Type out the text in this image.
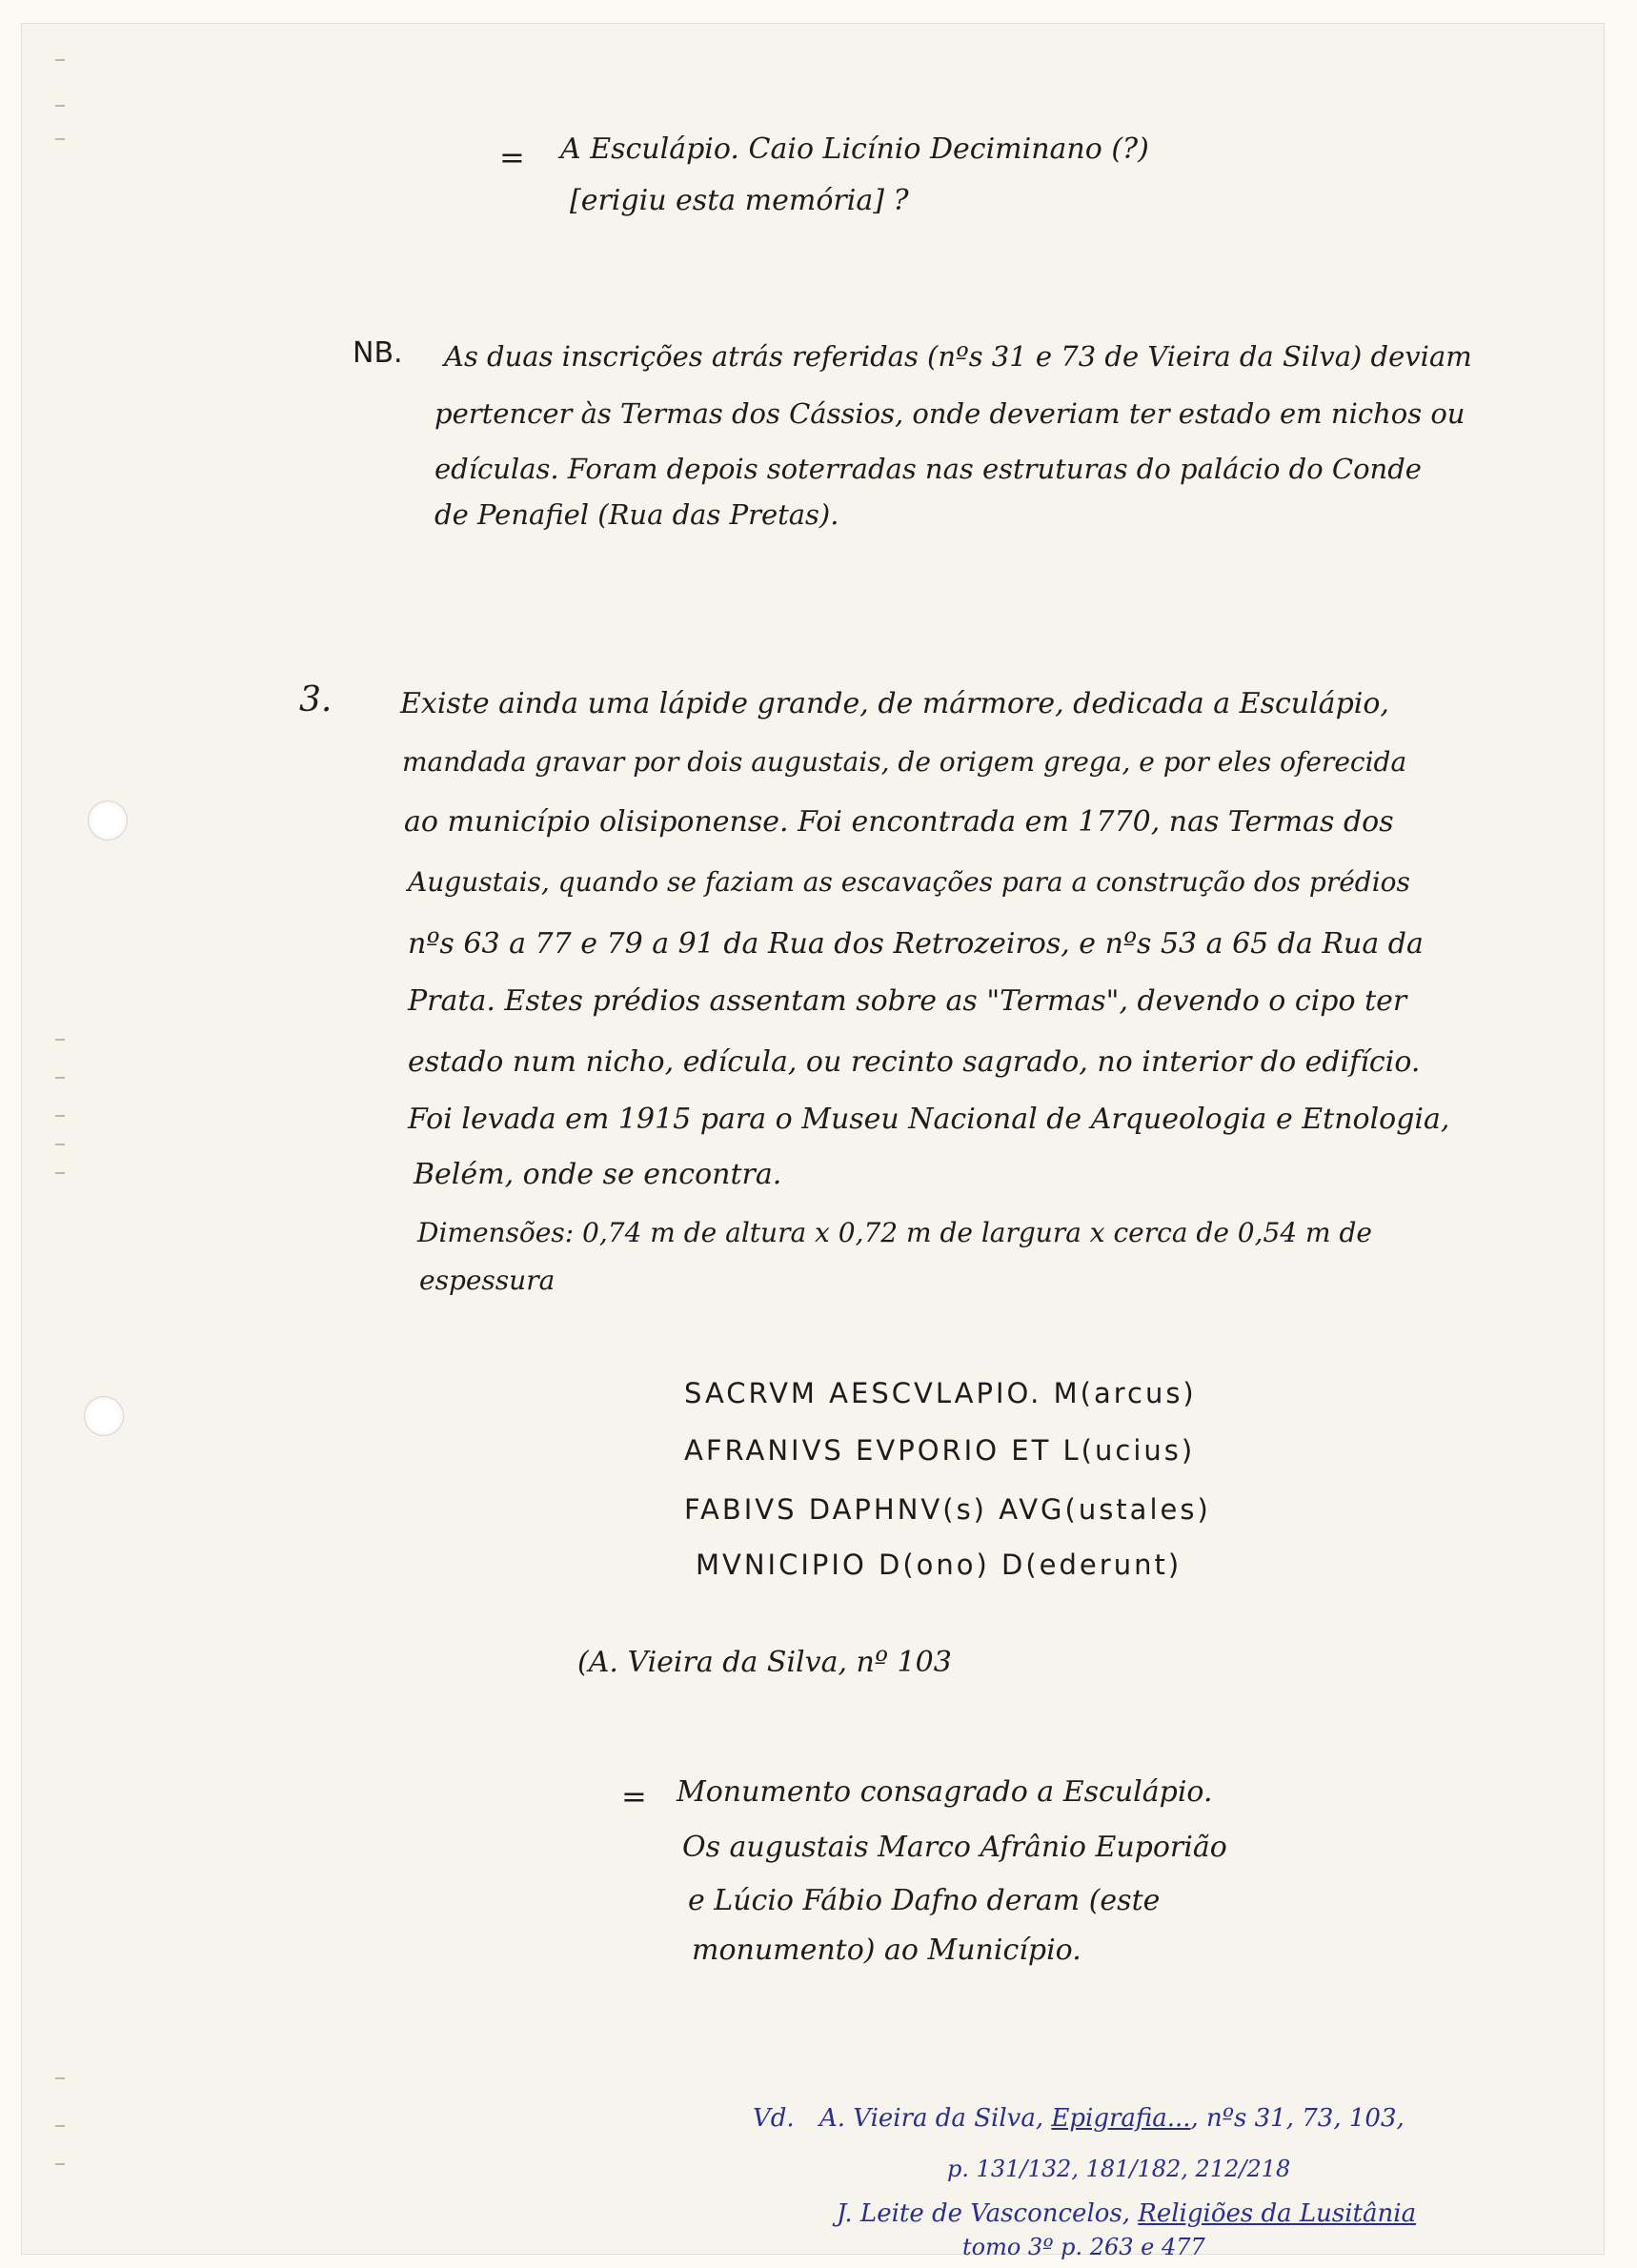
= A Esculápio. Caio Licínio Deciminano (?)
[erigiu esta memória] ?
NB. As duas inscrições atrás referidas (nºs 31 e 73 de Vieira da Silva) deviam
pertencer às Termas dos Cássios, onde deveriam ter estado em nichos ou
edículas. Foram depois soterradas nas estruturas do palácio do Conde
de Penafiel (Rua das Pretas).
3. Existe ainda uma lápide grande, de mármore, dedicada a Esculápio,
mandada gravar por dois augustais, de origem grega, e por eles oferecida
ao município olisiponense. Foi encontrada em 1770, nas Termas dos
Augustais, quando se faziam as escavações para a construção dos prédios
nºs 63 a 77 e 79 a 91 da Rua dos Retrozeiros, e nºs 53 a 65 da Rua da
Prata. Estes prédios assentam sobre as "Termas", devendo o cipo ter
estado num nicho, edícula, ou recinto sagrado, no interior do edifício.
Foi levada em 1915 para o Museu Nacional de Arqueologia e Etnologia,
Belém, onde se encontra.
Dimensões: 0,74 m de altura x 0,72 m de largura x cerca de 0,54 m de
espessura
SACRVM AESCVLAPIO. M(arcus)
AFRANIVS EVPORIO ET L(ucius)
FABIVS DAPHNV(s) AVG(ustales)
MVNICIPIO D(ono) D(ederunt)
(A. Vieira da Silva, nº 103
= Monumento consagrado a Esculápio.
Os augustais Marco Afrânio Euporião
e Lúcio Fábio Dafno deram (este
monumento) ao Município.
Vd. A. Vieira da Silva, Epigrafia..., nºs 31, 73, 103,
p. 131/132, 181/182, 212/218
J. Leite de Vasconcelos, Religiões da Lusitânia
tomo 3º p. 263 e 477
